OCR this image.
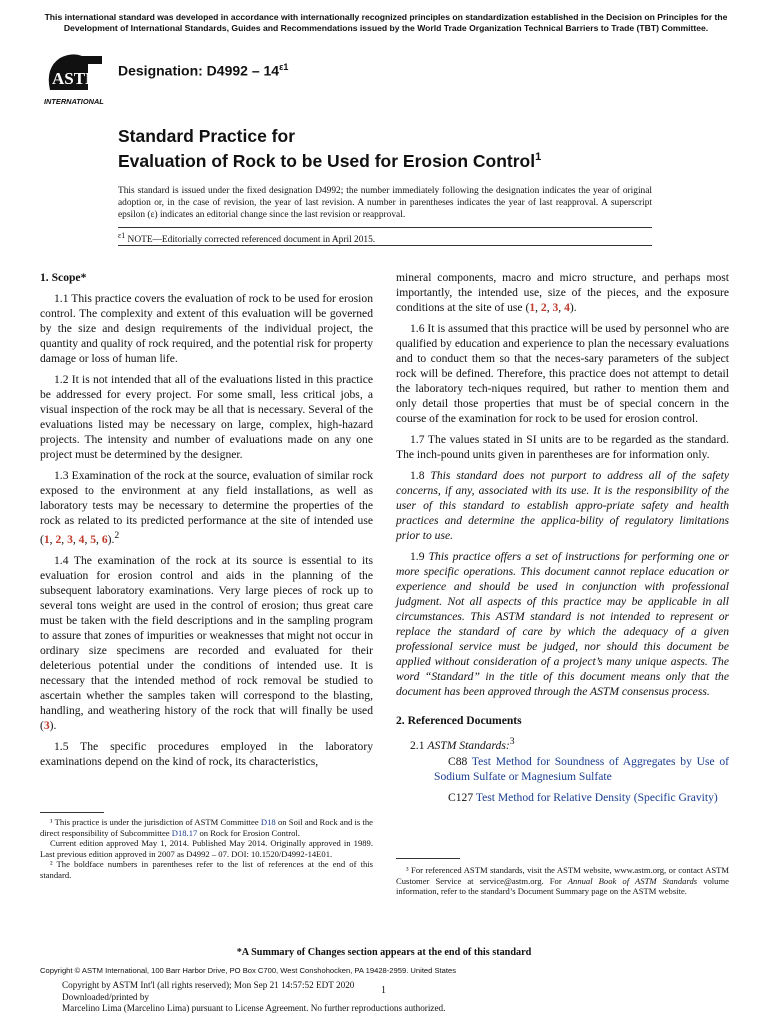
This international standard was developed in accordance with internationally recognized principles on standardization established in the Decision on Principles for the Development of International Standards, Guides and Recommendations issued by the World Trade Organization Technical Barriers to Trade (TBT) Committee.
ASTM
INTERNATIONAL
Designation: $D4992 - 14^{\varepsilon 1}$
Standard Practice for
Evaluation of Rock to be Used for Erosion Control$^1$
This standard is issued under the fixed designation D4992; the number immediately following the designation indicates the year of original adoption or, in the case of revision, the year of last revision. A number in parentheses indicates the year of last reapproval. A superscript epsilon (ε) indicates an editorial change since the last revision or reapproval.
$^{\varepsilon 1}$ NOTE—Editorially corrected referenced document in April 2015.
1. Scope*

1.1 This practice covers the evaluation of rock to be used for erosion control. The complexity and extent of this evaluation will be governed by the size and design requirements of the individual project, the quantity and quality of rock required, and the potential risk for property damage or loss of human life.

1.2 It is not intended that all of the evaluations listed in this practice be addressed for every project. For some small, less critical jobs, a visual inspection of the rock may be all that is necessary. Several of the evaluations listed may be necessary on large, complex, high-hazard projects. The intensity and number of evaluations made on any one project must be determined by the designer.

1.3 Examination of the rock at the source, evaluation of similar rock exposed to the environment at any field installations, as well as laboratory tests may be necessary to determine the properties of the rock as related to its predicted performance at the site of intended use (1, 2, 3, 4, 5, 6).$^2$

1.4 The examination of the rock at its source is essential to its evaluation for erosion control and aids in the planning of the subsequent laboratory examinations. Very large pieces of rock up to several tons weight are used in the control of erosion; thus great care must be taken with the field descriptions and in the sampling program to assure that zones of impurities or weaknesses that might not occur in ordinary size specimens are recorded and evaluated for their deleterious potential under the conditions of intended use. It is necessary that the intended method of rock removal be studied to ascertain whether the samples taken will correspond to the blasting, handling, and weathering history of the rock that will finally be used (3).

1.5 The specific procedures employed in the laboratory examinations depend on the kind of rock, its characteristics,

mineral components, macro and micro structure, and perhaps most importantly, the intended use, size of the pieces, and the exposure conditions at the site of use (1, 2, 3, 4).

1.6 It is assumed that this practice will be used by personnel who are qualified by education and experience to plan the necessary evaluations and to conduct them so that the neces-sary parameters of the subject rock will be defined. Therefore, this practice does not attempt to detail the laboratory tech-niques required, but rather to mention them and only detail those properties that must be of special concern in the course of the examination for rock to be used for erosion control.

1.7 The values stated in SI units are to be regarded as the standard. The inch-pound units given in parentheses are for information only.

1.8 This standard does not purport to address all of the safety concerns, if any, associated with its use. It is the responsibility of the user of this standard to establish appro-priate safety and health practices and determine the applica-bility of regulatory limitations prior to use.

1.9 This practice offers a set of instructions for performing one or more specific operations. This document cannot replace education or experience and should be used in conjunction with professional judgment. Not all aspects of this practice may be applicable in all circumstances. This ASTM standard is not intended to represent or replace the standard of care by which the adequacy of a given professional service must be judged, nor should this document be applied without consideration of a project’s many unique aspects. The word “Standard” in the title of this document means only that the document has been approved through the ASTM consensus process.

2. Referenced Documents

2.1 ASTM Standards:$^3$

C88 Test Method for Soundness of Aggregates by Use of Sodium Sulfate or Magnesium Sulfate

C127 Test Method for Relative Density (Specific Gravity)

¹ This practice is under the jurisdiction of ASTM Committee D18 on Soil and Rock and is the direct responsibility of Subcommittee D18.17 on Rock for Erosion Control.

Current edition approved May 1, 2014. Published May 2014. Originally approved in 1989. Last previous edition approved in 2007 as D4992 – 07. DOI: 10.1520/D4992-14E01.

² The boldface numbers in parentheses refer to the list of references at the end of this standard.	³ For referenced ASTM standards, visit the ASTM website, www.astm.org, or contact ASTM Customer Service at service@astm.org. For Annual Book of ASTM Standards volume information, refer to the standard’s Document Summary page on the ASTM website.

*A Summary of Changes section appears at the end of this standard
Copyright © ASTM International, 100 Barr Harbor Drive, PO Box C700, West Conshohocken, PA 19428-2959. United States
Copyright by ASTM Int'l (all rights reserved); Mon Sep 21 14:57:52 EDT 2020
Downloaded/printed by
Marcelino Lima (Marcelino Lima) pursuant to License Agreement. No further reproductions authorized.
1
